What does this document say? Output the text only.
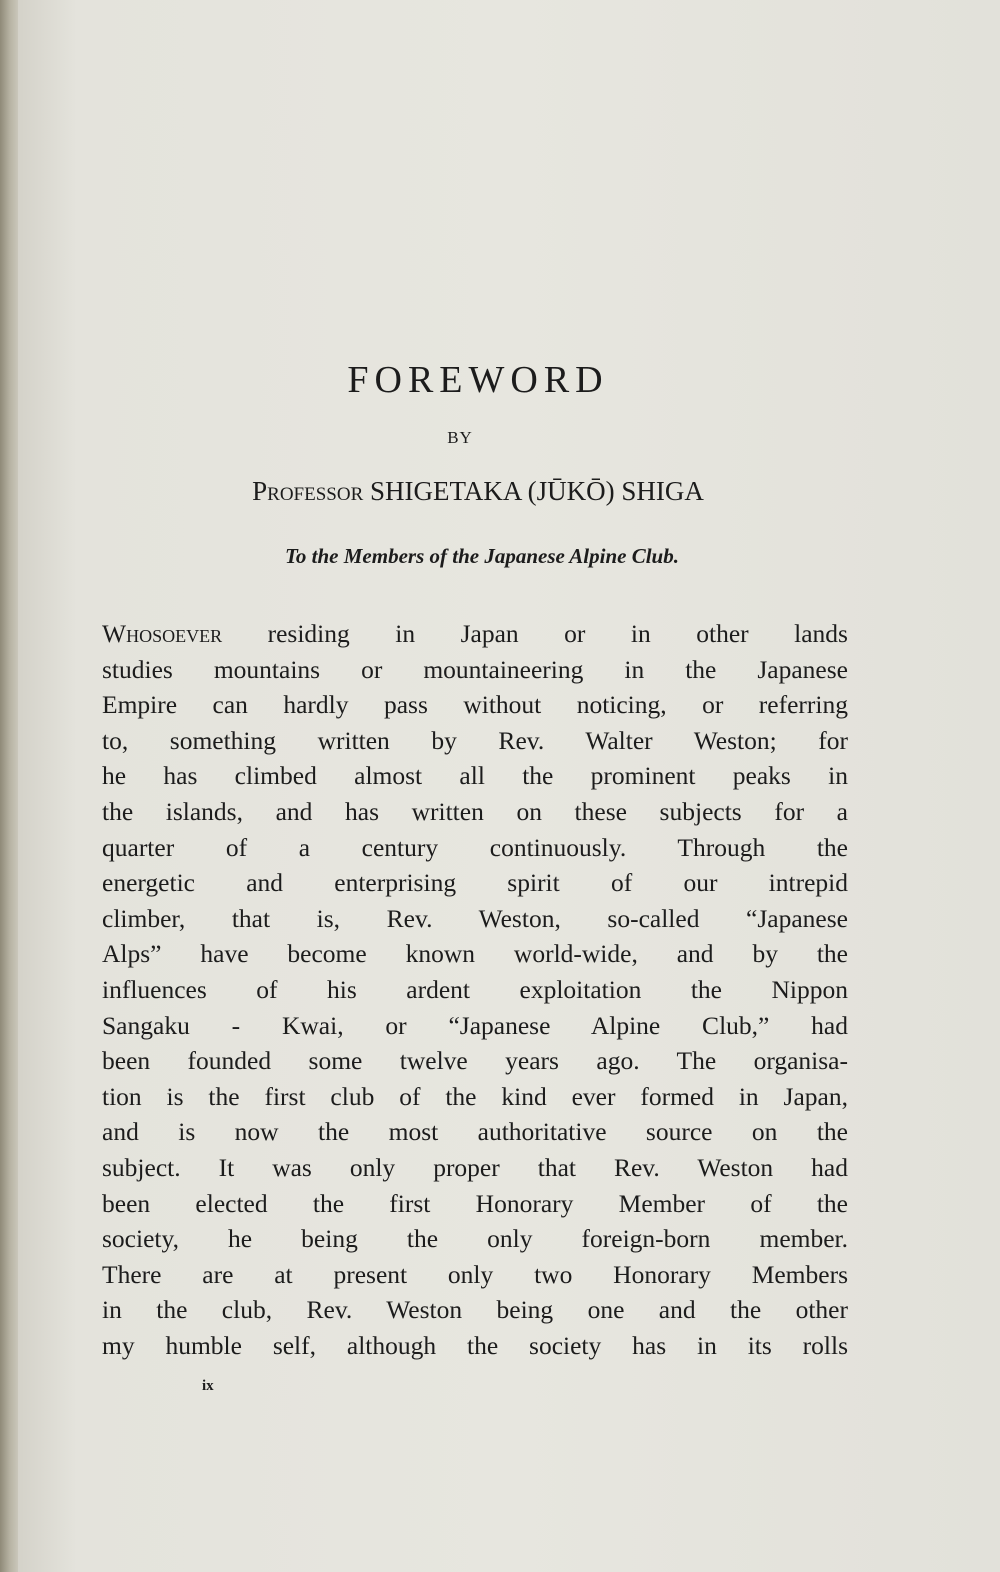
FOREWORD
BY
Professor SHIGETAKA (JŪKŌ) SHIGA
To the Members of the Japanese Alpine Club.
Whosoever residing in Japan or in other lands
studies mountains or mountaineering in the Japanese
Empire can hardly pass without noticing, or referring
to, something written by Rev. Walter Weston; for
he has climbed almost all the prominent peaks in
the islands, and has written on these subjects for a
quarter of a century continuously. Through the
energetic and enterprising spirit of our intrepid
climber, that is, Rev. Weston, so-called “Japanese
Alps” have become known world-wide, and by the
influences of his ardent exploitation the Nippon
Sangaku - Kwai, or “Japanese Alpine Club,” had
been founded some twelve years ago. The organisa-
tion is the first club of the kind ever formed in Japan,
and is now the most authoritative source on the
subject. It was only proper that Rev. Weston had
been elected the first Honorary Member of the
society, he being the only foreign-born member.
There are at present only two Honorary Members
in the club, Rev. Weston being one and the other
my humble self, although the society has in its rolls
ix
